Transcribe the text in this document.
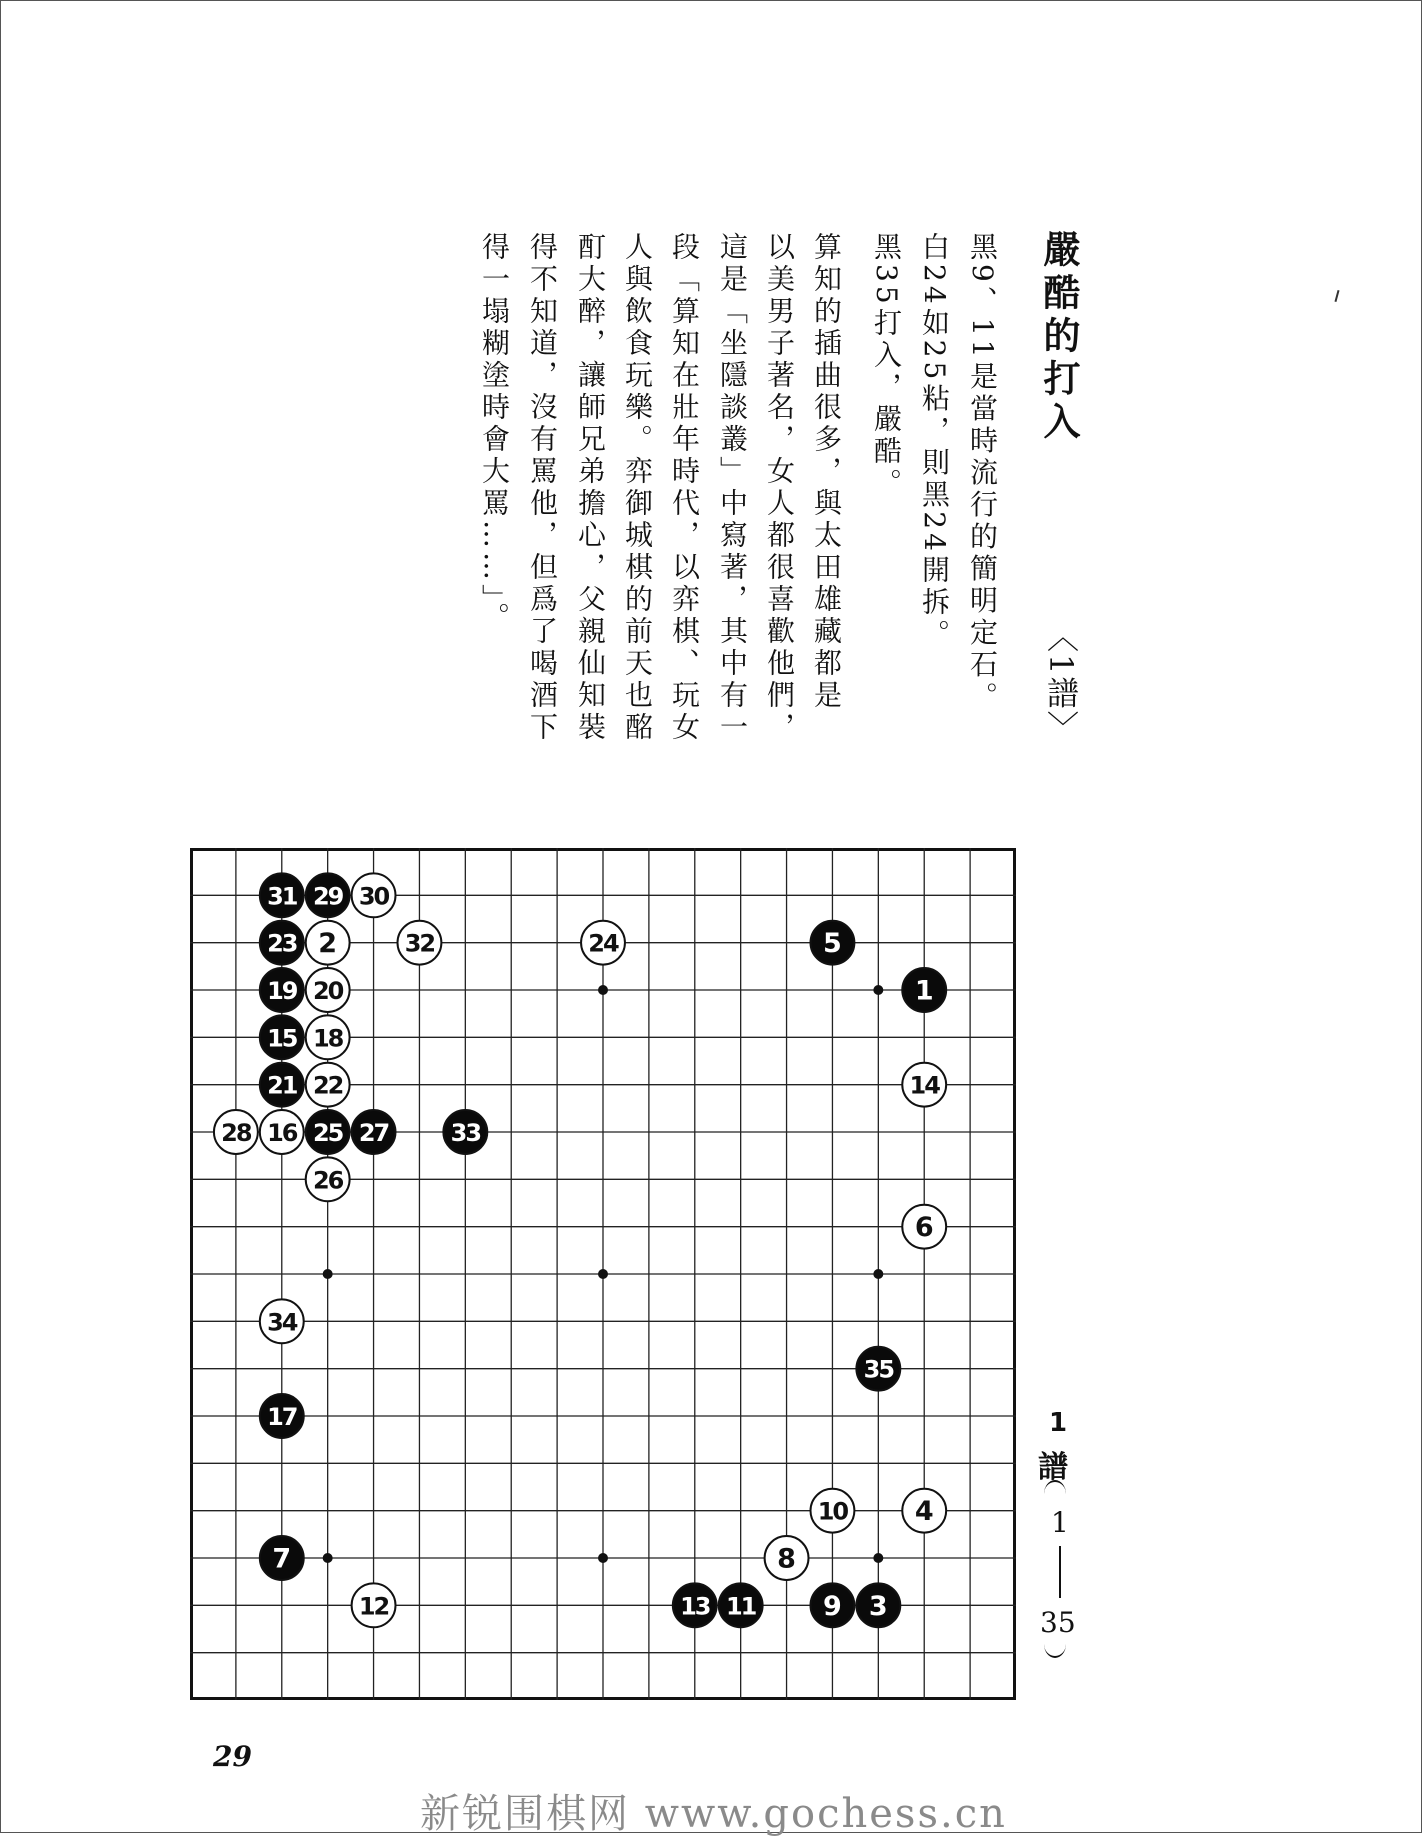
嚴酷的打入
〈1譜〉
黑9、11是當時流行的簡明定石。
白24如25粘，則黑24開拆。
黑35打入，嚴酷。
算知的插曲很多，與太田雄藏都是
以美男子著名，女人都很喜歡他們，
這是「坐隱談叢」中寫著，其中有一
段「算知在壯年時代，以弈棋、玩女
人與飲食玩樂。弈御城棋的前天也酩
酊大醉，讓師兄弟擔心，父親仙知裝
得不知道，沒有罵他，但爲了喝酒下
得一塌糊塗時會大罵……」。
1
2
3
4
5
6
7	8
9
10
11
12	13
14
15
16
17
18
19 20
21 22
23	24
25
26
27
28
29 30
31
32
33
34
35
1
譜
1
35
29
新锐围棋网 www.gochess.cn
